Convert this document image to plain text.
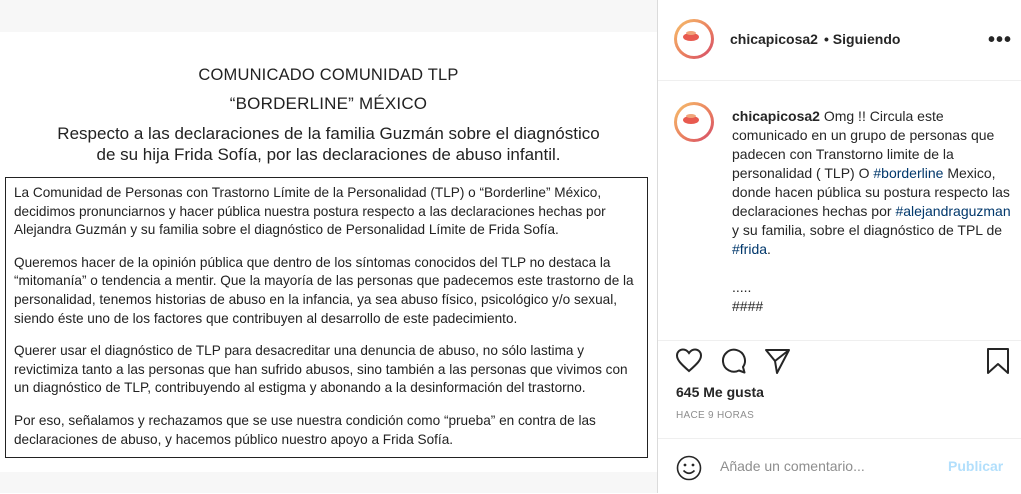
COMUNICADO COMUNIDAD TLP
“BORDERLINE” MÉXICO
Respecto a las declaraciones de la familia Guzmán sobre el diagnóstico
de su hija Frida Sofía, por las declaraciones de abuso infantil.

La Comunidad de Personas con Trastorno Límite de la Personalidad (TLP) o “Borderline” México, decidimos pronunciarnos y hacer pública nuestra postura respecto a las declaraciones hechas por Alejandra Guzmán y su familia sobre el diagnóstico de Personalidad Límite de Frida Sofía.

Queremos hacer de la opinión pública que dentro de los síntomas conocidos del TLP no destaca la “mitomanía” o tendencia a mentir. Que la mayoría de las personas que padecemos este trastorno de la personalidad, tenemos historias de abuso en la infancia, ya sea abuso físico, psicológico y/o sexual, siendo éste uno de los factores que contribuyen al desarrollo de este padecimiento.

Querer usar el diagnóstico de TLP para desacreditar una denuncia de abuso, no sólo lastima y revictimiza tanto a las personas que han sufrido abusos, sino también a las personas que vivimos con un diagnóstico de TLP, contribuyendo al estigma y abonando a la desinformación del trastorno.

Por eso, señalamos y rechazamos que se use nuestra condición como “prueba” en contra de las declaraciones de abuso, y hacemos público nuestro apoyo a Frida Sofía.

chicapicosa2 • Siguiendo	•••
chicapicosa2 Omg !! Circula este comunicado en un grupo de personas que padecen con Transtorno limite de la personalidad ( TLP) O #borderline Mexico, donde hacen pública su postura respecto las declaraciones hechas por #alejandraguzman y su familia, sobre el diagnóstico de TPL de #frida.
.....
####
645 Me gusta
HACE 9 HORAS
Añade un comentario...	Publicar
